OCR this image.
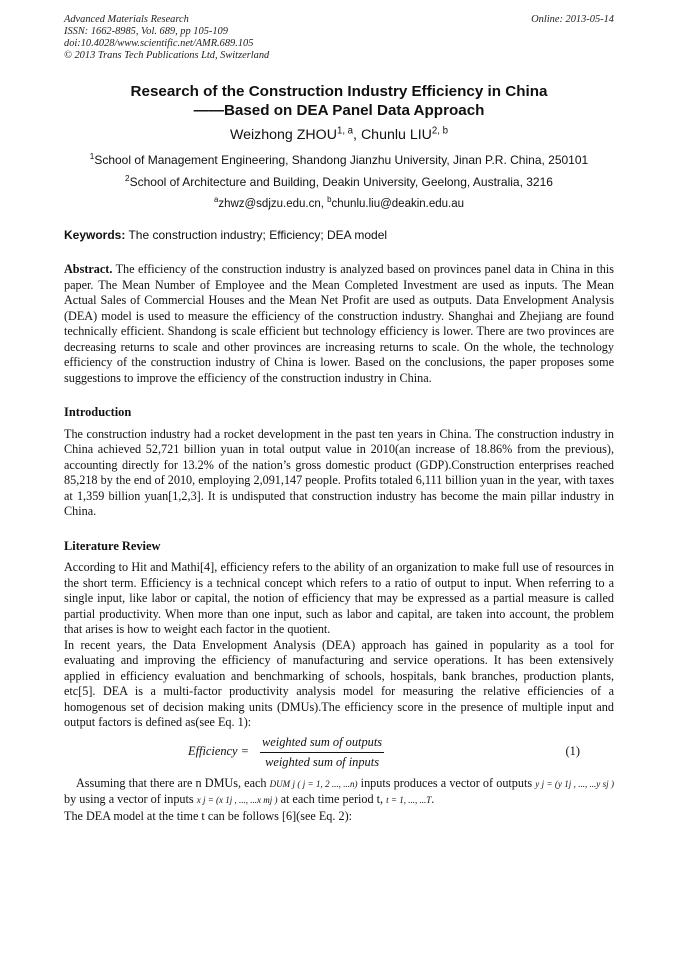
Advanced Materials Research
ISSN: 1662-8985, Vol. 689, pp 105-109
doi:10.4028/www.scientific.net/AMR.689.105
© 2013 Trans Tech Publications Ltd, Switzerland
Online: 2013-05-14
Research of the Construction Industry Efficiency in China
——Based on DEA Panel Data Approach
Weizhong ZHOU$^{1, a}$, Chunlu LIU$^{2, b}$
$^1$School of Management Engineering, Shandong Jianzhu University, Jinan P.R. China, 250101
$^2$School of Architecture and Building, Deakin University, Geelong, Australia, 3216
$^a$zhwz@sdjzu.edu.cn, $^b$chunlu.liu@deakin.edu.au
Keywords: The construction industry; Efficiency; DEA model

Abstract. The efficiency of the construction industry is analyzed based on provinces panel data in China in this paper. The Mean Number of Employee and the Mean Completed Investment are used as inputs. The Mean Actual Sales of Commercial Houses and the Mean Net Profit are used as outputs. Data Envelopment Analysis (DEA) model is used to measure the efficiency of the construction industry. Shanghai and Zhejiang are found technically efficient. Shandong is scale efficient but technology efficiency is lower. There are two provinces are decreasing returns to scale and other provinces are increasing returns to scale. On the whole, the technology efficiency of the construction industry of China is lower. Based on the conclusions, the paper proposes some suggestions to improve the efficiency of the construction industry in China.

Introduction

The construction industry had a rocket development in the past ten years in China. The construction industry in China achieved 52,721 billion yuan in total output value in 2010(an increase of 18.86% from the previous), accounting directly for 13.2% of the nation’s gross domestic product (GDP).Construction enterprises reached 85,218 by the end of 2010, employing 2,091,147 people. Profits totaled 6,111 billion yuan in the year, with taxes at 1,359 billion yuan[1,2,3]. It is undisputed that construction industry has become the main pillar industry in China.

Literature Review

According to Hit and Mathi[4], efficiency refers to the ability of an organization to make full use of resources in the short term. Efficiency is a technical concept which refers to a ratio of output to input. When referring to a single input, like labor or capital, the notion of efficiency that may be expressed as a partial measure is called partial productivity. When more than one input, such as labor and capital, are taken into account, the problem that arises is how to weight each factor in the quotient.

In recent years, the Data Envelopment Analysis (DEA) approach has gained in popularity as a tool for evaluating and improving the efficiency of manufacturing and service operations. It has been extensively applied in efficiency evaluation and benchmarking of schools, hospitals, bank branches, production plants, etc[5]. DEA is a multi-factor productivity analysis model for measuring the relative efficiencies of a homogenous set of decision making units (DMUs).The efficiency score in the presence of multiple input and output factors is defined as(see Eq. 1):

Efficiency =
weighted sum of outputs
weighted sum of inputs
(1)

Assuming that there are n DMUs, each DUM j ( j = 1, 2 ..., ...n) inputs produces a vector of outputs y j = (y 1j , ..., ...y sj ) by using a vector of inputs x j = (x 1j , ..., ...x mj ) at each time period t, t = 1, ..., ...T.

The DEA model at the time t can be follows [6](see Eq. 2):
